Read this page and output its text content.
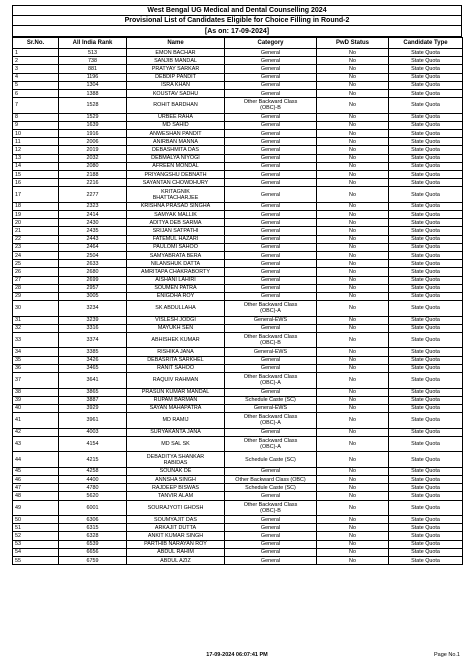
West Bengal UG Medical and Dental Counselling 2024
Provisional List of Candidates Eligible for Choice Filling in Round-2
[As on: 17-09-2024]
Sr.No.	All India Rank	Name	Category	PwD Status	Candidate Type
1	513	EMON BACHAR	General	No	State Quota
2	738	SANJIB MANDAL	General	No	State Quota
3	881	PRATYAY SARKAR	General	No	State Quota
4	1196	DEBDIP PANDIT	General	No	State Quota
5	1304	ISRA KHAN	General	No	State Quota
6	1388	KOUSTAV SADHU	General	No	State Quota
7	1528	ROHIT BARDHAN	Other Backward Class
(OBC)-B	No	State Quota
8	1529	URBEE RAHA	General	No	State Quota
9	1639	MD SAHID	General	No	State Quota
10	1916	ANWESHAN PANDIT	General	No	State Quota
11	2006	ANIRBAN MANNA	General	No	State Quota
12	2019	DEBASHMITA DAS	General	No	State Quota
13	2032	DEBMALYA NIYOGI	General	No	State Quota
14	2080	AFREEN MONDAL	General	No	State Quota
15	2188	PRIYANGSHU DEBNATH	General	No	State Quota
16	2216	SAYANTAN CHOWDHURY	General	No	State Quota
17	2277	KRITAGNIK
BHATTACHARJEE	General	No	State Quota
18	2323	KRISHNA PRASAD SINGHA	General	No	State Quota
19	2414	SAMYAK MALLIK	General	No	State Quota
20	2430	ADITYA DEB SARMA	General	No	State Quota
21	2435	SRIJAN SATPATHI	General	No	State Quota
22	2443	FATEMUL HAZARI	General	No	State Quota
23	2464	PAULOMI SAHOO	General	No	State Quota
24	2504	SAMYABRATA BERA	General	No	State Quota
25	2633	NILANSHUK DATTA	General	No	State Quota
26	2680	AMRITAPA CHAKRABORTY	General	No	State Quota
27	2699	AISHANI LAHIRI	General	No	State Quota
28	2957	SOUMEN PATRA	General	No	State Quota
29	3005	ENIGDHA ROY	General	No	State Quota
30	3234	SK ABDULLAHA	Other Backward Class
(OBC)-A	No	State Quota
31	3239	VISLESH JODGI	General-EWS	No	State Quota
32	3316	MAYUKH SEN	General	No	State Quota
33	3374	ABHISHEK KUMAR	Other Backward Class
(OBC)-B	No	State Quota
34	3385	RISHIKA JANA	General-EWS	No	State Quota
35	3426	DEBASRITA SARKHEL	General	No	State Quota
36	3465	RANIT SAHOO	General	No	State Quota
37	3641	RAQUIV RAHMAN	Other Backward Class
(OBC)-A	No	State Quota
38	3865	PRASUN KUMAR MANDAL	General	No	State Quota
39	3887	RUPAM BARMAN	Schedule Caste (SC)	No	State Quota
40	3929	SAYAN MAHAPATRA	General-EWS	No	State Quota
41	3961	MD RAMIJ	Other Backward Class
(OBC)-A	No	State Quota
42	4003	SURYAKANTA JANA	General	No	State Quota
43	4154	MD SAL SK	Other Backward Class
(OBC)-A	No	State Quota
44	4215	DEBADITYA SHANKAR
RABIDAS	Schedule Caste (SC)	No	State Quota
45	4258	SOUNAK DE	General	No	State Quota
46	4400	ANNSHA SINGH	Other Backward Class (OBC)	No	State Quota
47	4780	RAJDEEP BISWAS	Schedule Caste (SC)	No	State Quota
48	5620	TANVIR ALAM	General	No	State Quota
49	6001	SOURAJYOTI GHOSH	Other Backward Class
(OBC)-B	No	State Quota
50	6306	SOUMYAJIT DAS	General	No	State Quota
51	6315	ARKAJIT DUTTA	General	No	State Quota
52	6328	ANKIT KUMAR SINGH	General	No	State Quota
53	6539	PARTHIB NARAYAN ROY	General	No	State Quota
54	6656	ABDUL RAHIM	General	No	State Quota
55	6759	ABDUL AZIZ	General	No	State Quota
17-09-2024 06:07:41 PM	Page No.1
